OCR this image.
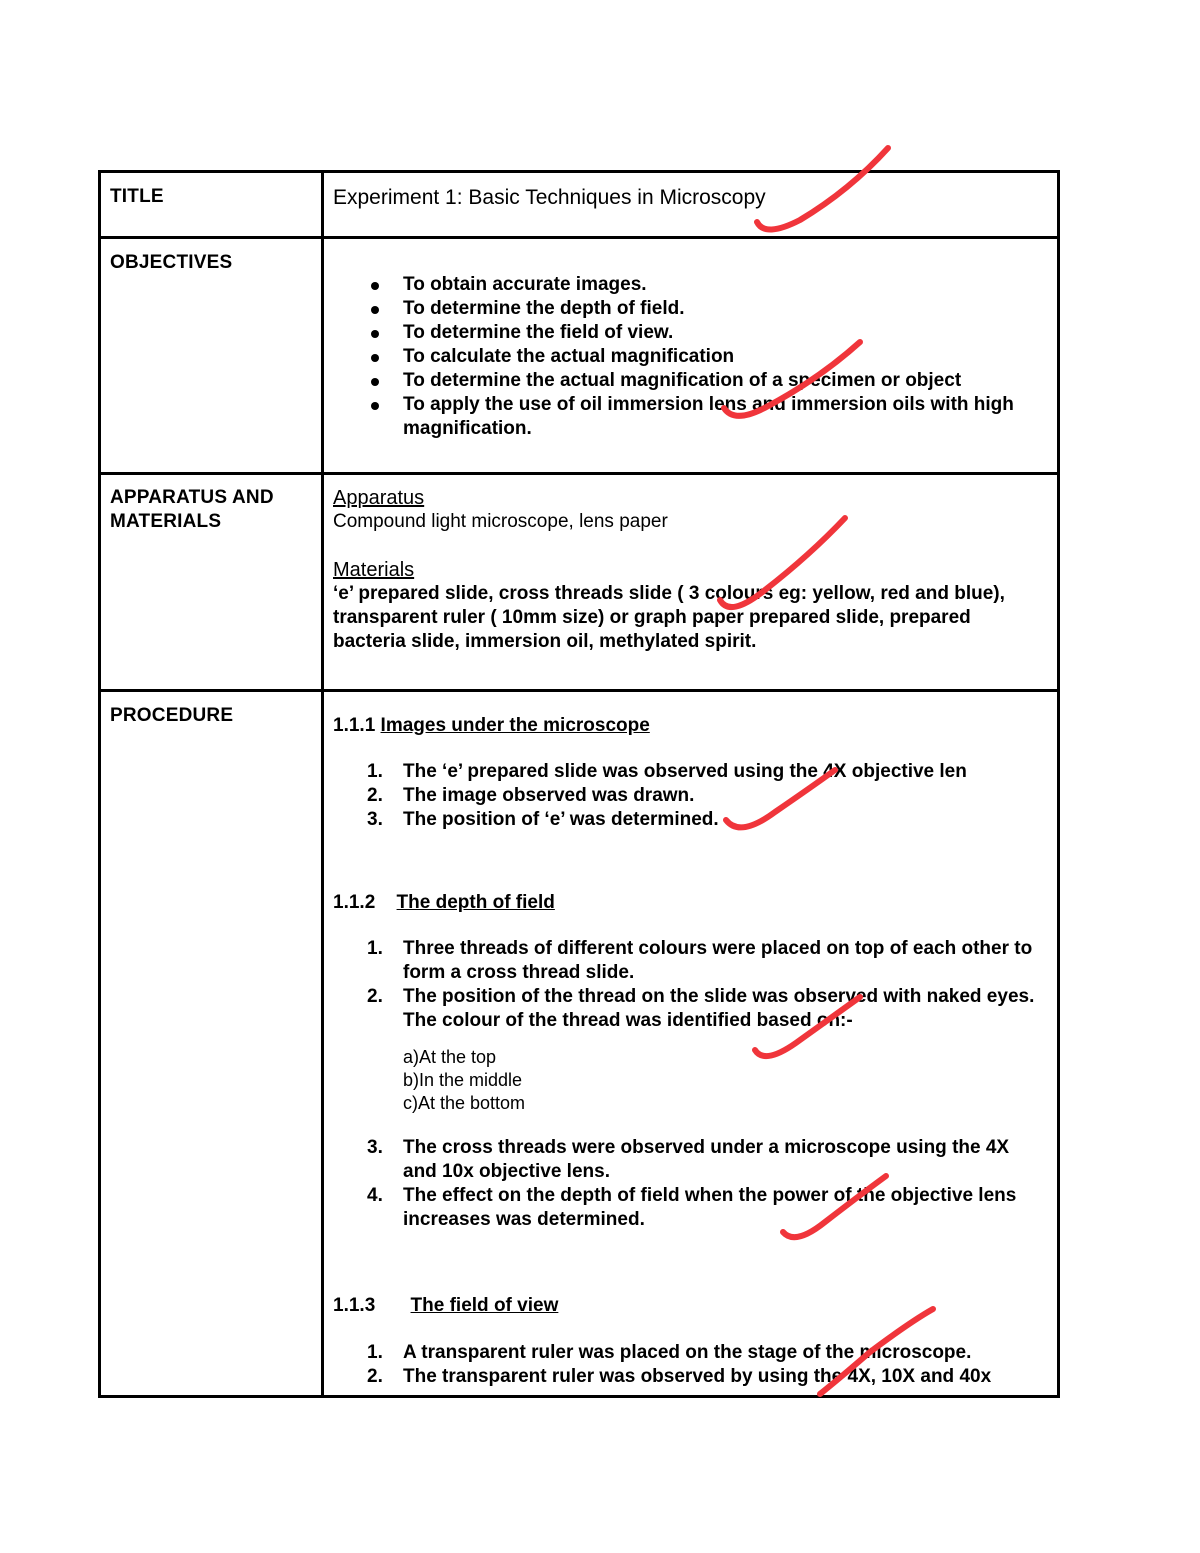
TITLE	Experiment 1: Basic Techniques in Microscopy
OBJECTIVES
To obtain accurate images.
To determine the depth of field.
To determine the field of view.
To calculate the actual magnification
To determine the actual magnification of a specimen or object
To apply the use of oil immersion lens and immersion oils with high magnification.
APPARATUS AND
MATERIALS
Apparatus
Compound light microscope, lens paper
Materials
‘e’ prepared slide, cross threads slide ( 3 colours eg: yellow, red and blue), transparent ruler ( 10mm size) or graph paper prepared slide, prepared bacteria slide, immersion oil, methylated spirit.
PROCEDURE	1.1.1 Images under the microscope
1. The ‘e’ prepared slide was observed using the 4X objective len
2. The image observed was drawn.
3. The position of ‘e’ was determined.
1.1.2 The depth of field
1. Three threads of different colours were placed on top of each other to form a cross thread slide.
2. The position of the thread on the slide was observed with naked eyes. The colour of the thread was identified based on:-
a)At the top
b)In the middle
c)At the bottom
3. The cross threads were observed under a microscope using the 4X and 10x objective lens.
4. The effect on the depth of field when the power of the objective lens increases was determined.
1.1.3 The field of view
1. A transparent ruler was placed on the stage of the microscope.
2. The transparent ruler was observed by using the 4X, 10X and 40x
